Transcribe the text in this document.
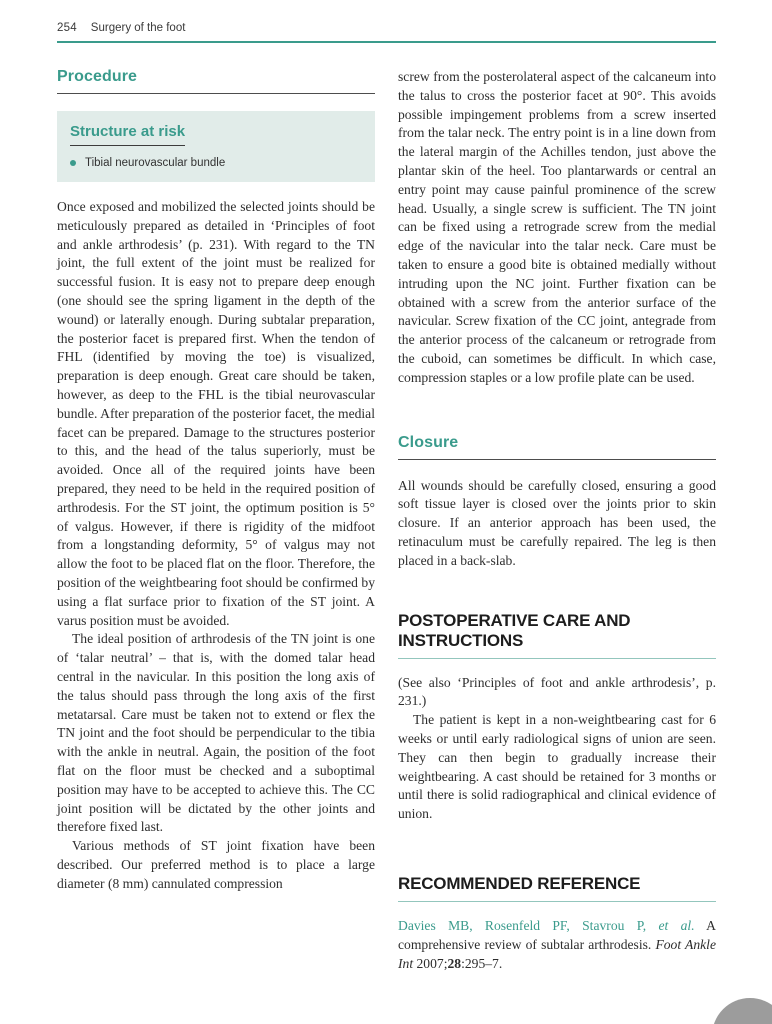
254 Surgery of the foot
Procedure
Structure at risk
Tibial neurovascular bundle

Once exposed and mobilized the selected joints should be meticulously prepared as detailed in ‘Principles of foot and ankle arthrodesis’ (p. 231). With regard to the TN joint, the full extent of the joint must be realized for successful fusion. It is easy not to prepare deep enough (one should see the spring ligament in the depth of the wound) or laterally enough. During subtalar preparation, the posterior facet is prepared first. When the tendon of FHL (identified by moving the toe) is visualized, preparation is deep enough. Great care should be taken, however, as deep to the FHL is the tibial neurovascular bundle. After preparation of the posterior facet, the medial facet can be prepared. Damage to the structures posterior to this, and the head of the talus superiorly, must be avoided. Once all of the required joints have been prepared, they need to be held in the required position of arthrodesis. For the ST joint, the optimum position is 5° of valgus. However, if there is rigidity of the midfoot from a longstanding deformity, 5° of valgus may not allow the foot to be placed flat on the floor. Therefore, the position of the weightbearing foot should be confirmed by using a flat surface prior to fixation of the ST joint. A varus position must be avoided.

The ideal position of arthrodesis of the TN joint is one of ‘talar neutral’ – that is, with the domed talar head central in the navicular. In this position the long axis of the talus should pass through the long axis of the first metatarsal. Care must be taken not to extend or flex the TN joint and the foot should be perpendicular to the tibia with the ankle in neutral. Again, the position of the foot flat on the floor must be checked and a suboptimal position may have to be accepted to achieve this. The CC joint position will be dictated by the other joints and therefore fixed last.

Various methods of ST joint fixation have been described. Our preferred method is to place a large diameter (8 mm) cannulated compression

screw from the posterolateral aspect of the calcaneum into the talus to cross the posterior facet at 90°. This avoids possible impingement problems from a screw inserted from the talar neck. The entry point is in a line down from the lateral margin of the Achilles tendon, just above the plantar skin of the heel. Too plantarwards or central an entry point may cause painful prominence of the screw head. Usually, a single screw is sufficient. The TN joint can be fixed using a retrograde screw from the medial edge of the navicular into the talar neck. Care must be taken to ensure a good bite is obtained medially without intruding upon the NC joint. Further fixation can be obtained with a screw from the anterior surface of the navicular. Screw fixation of the CC joint, antegrade from the anterior process of the calcaneum or retrograde from the cuboid, can sometimes be difficult. In which case, compression staples or a low profile plate can be used.

Closure

All wounds should be carefully closed, ensuring a good soft tissue layer is closed over the joints prior to skin closure. If an anterior approach has been used, the retinaculum must be carefully repaired. The leg is then placed in a back-slab.

POSTOPERATIVE CARE AND INSTRUCTIONS

(See also ‘Principles of foot and ankle arthrodesis’, p. 231.)

The patient is kept in a non-weightbearing cast for 6 weeks or until early radiological signs of union are seen. They can then begin to gradually increase their weightbearing. A cast should be retained for 3 months or until there is solid radiographical and clinical evidence of union.

RECOMMENDED REFERENCE

Davies MB, Rosenfeld PF, Stavrou P, et al. A comprehensive review of subtalar arthrodesis. Foot Ankle Int 2007;28:295–7.
